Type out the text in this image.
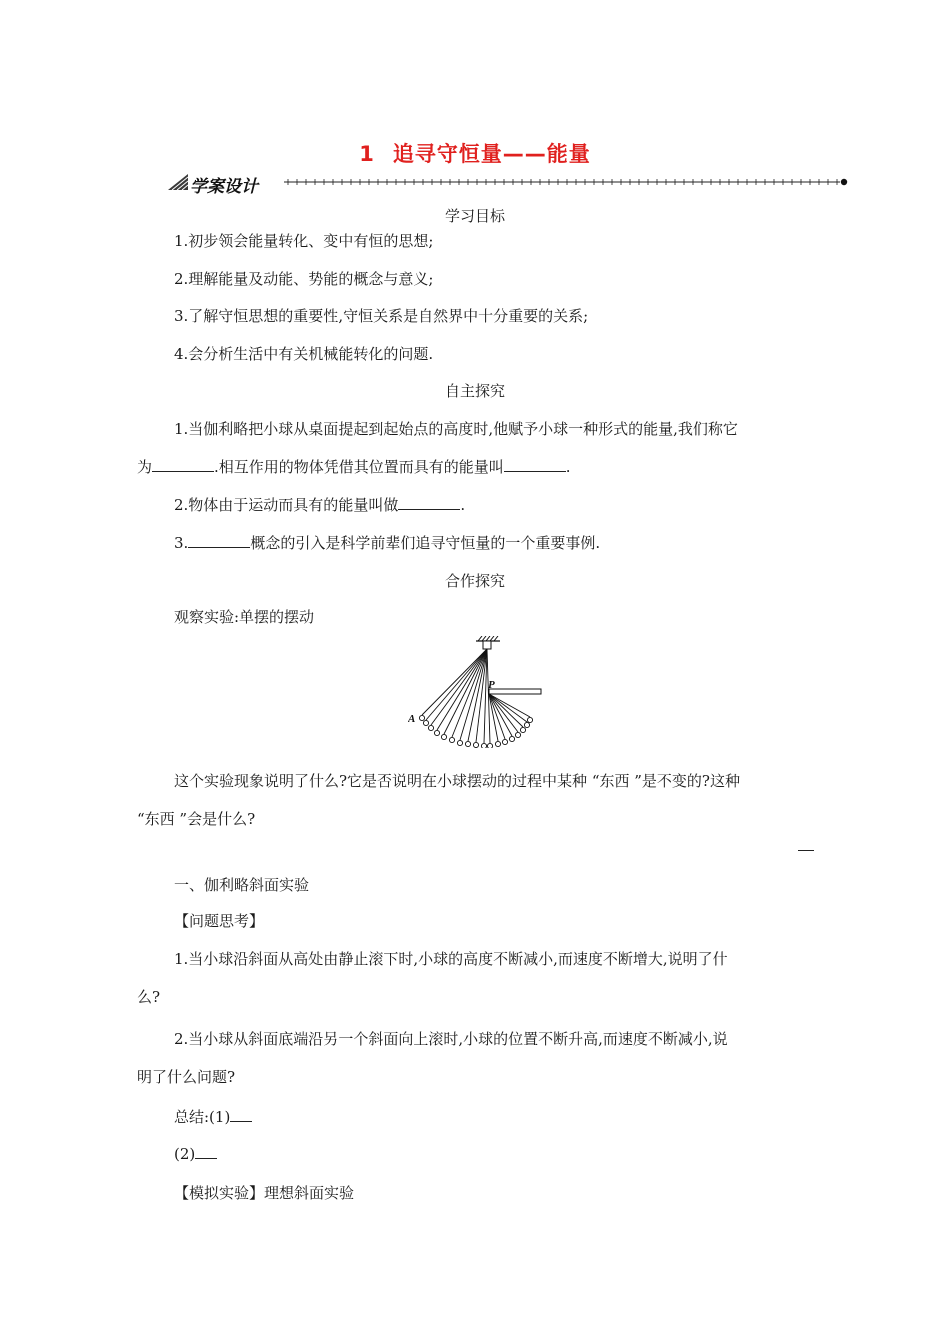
1 追寻守恒量——能量
学案设计
学习目标
1.初步领会能量转化、变中有恒的思想;
2.理解能量及动能、势能的概念与意义;
3.了解守恒思想的重要性,守恒关系是自然界中十分重要的关系;
4.会分析生活中有关机械能转化的问题.
自主探究
1.当伽利略把小球从桌面提起到起始点的高度时,他赋予小球一种形式的能量,我们称它
为	.相互作用的物体凭借其位置而具有的能量叫	.
2.物体由于运动而具有的能量叫做	.
3.	概念的引入是科学前辈们追寻守恒量的一个重要事例.
合作探究
观察实验:单摆的摆动
A
P
这个实验现象说明了什么?它是否说明在小球摆动的过程中某种 “东西 ”是不变的?这种
“东西 ”会是什么?
一、伽利略斜面实验
【问题思考】
1.当小球沿斜面从高处由静止滚下时,小球的高度不断减小,而速度不断增大,说明了什
么?
2.当小球从斜面底端沿另一个斜面向上滚时,小球的位置不断升高,而速度不断减小,说
明了什么问题?
总结:(1)
(2)
【模拟实验】理想斜面实验
